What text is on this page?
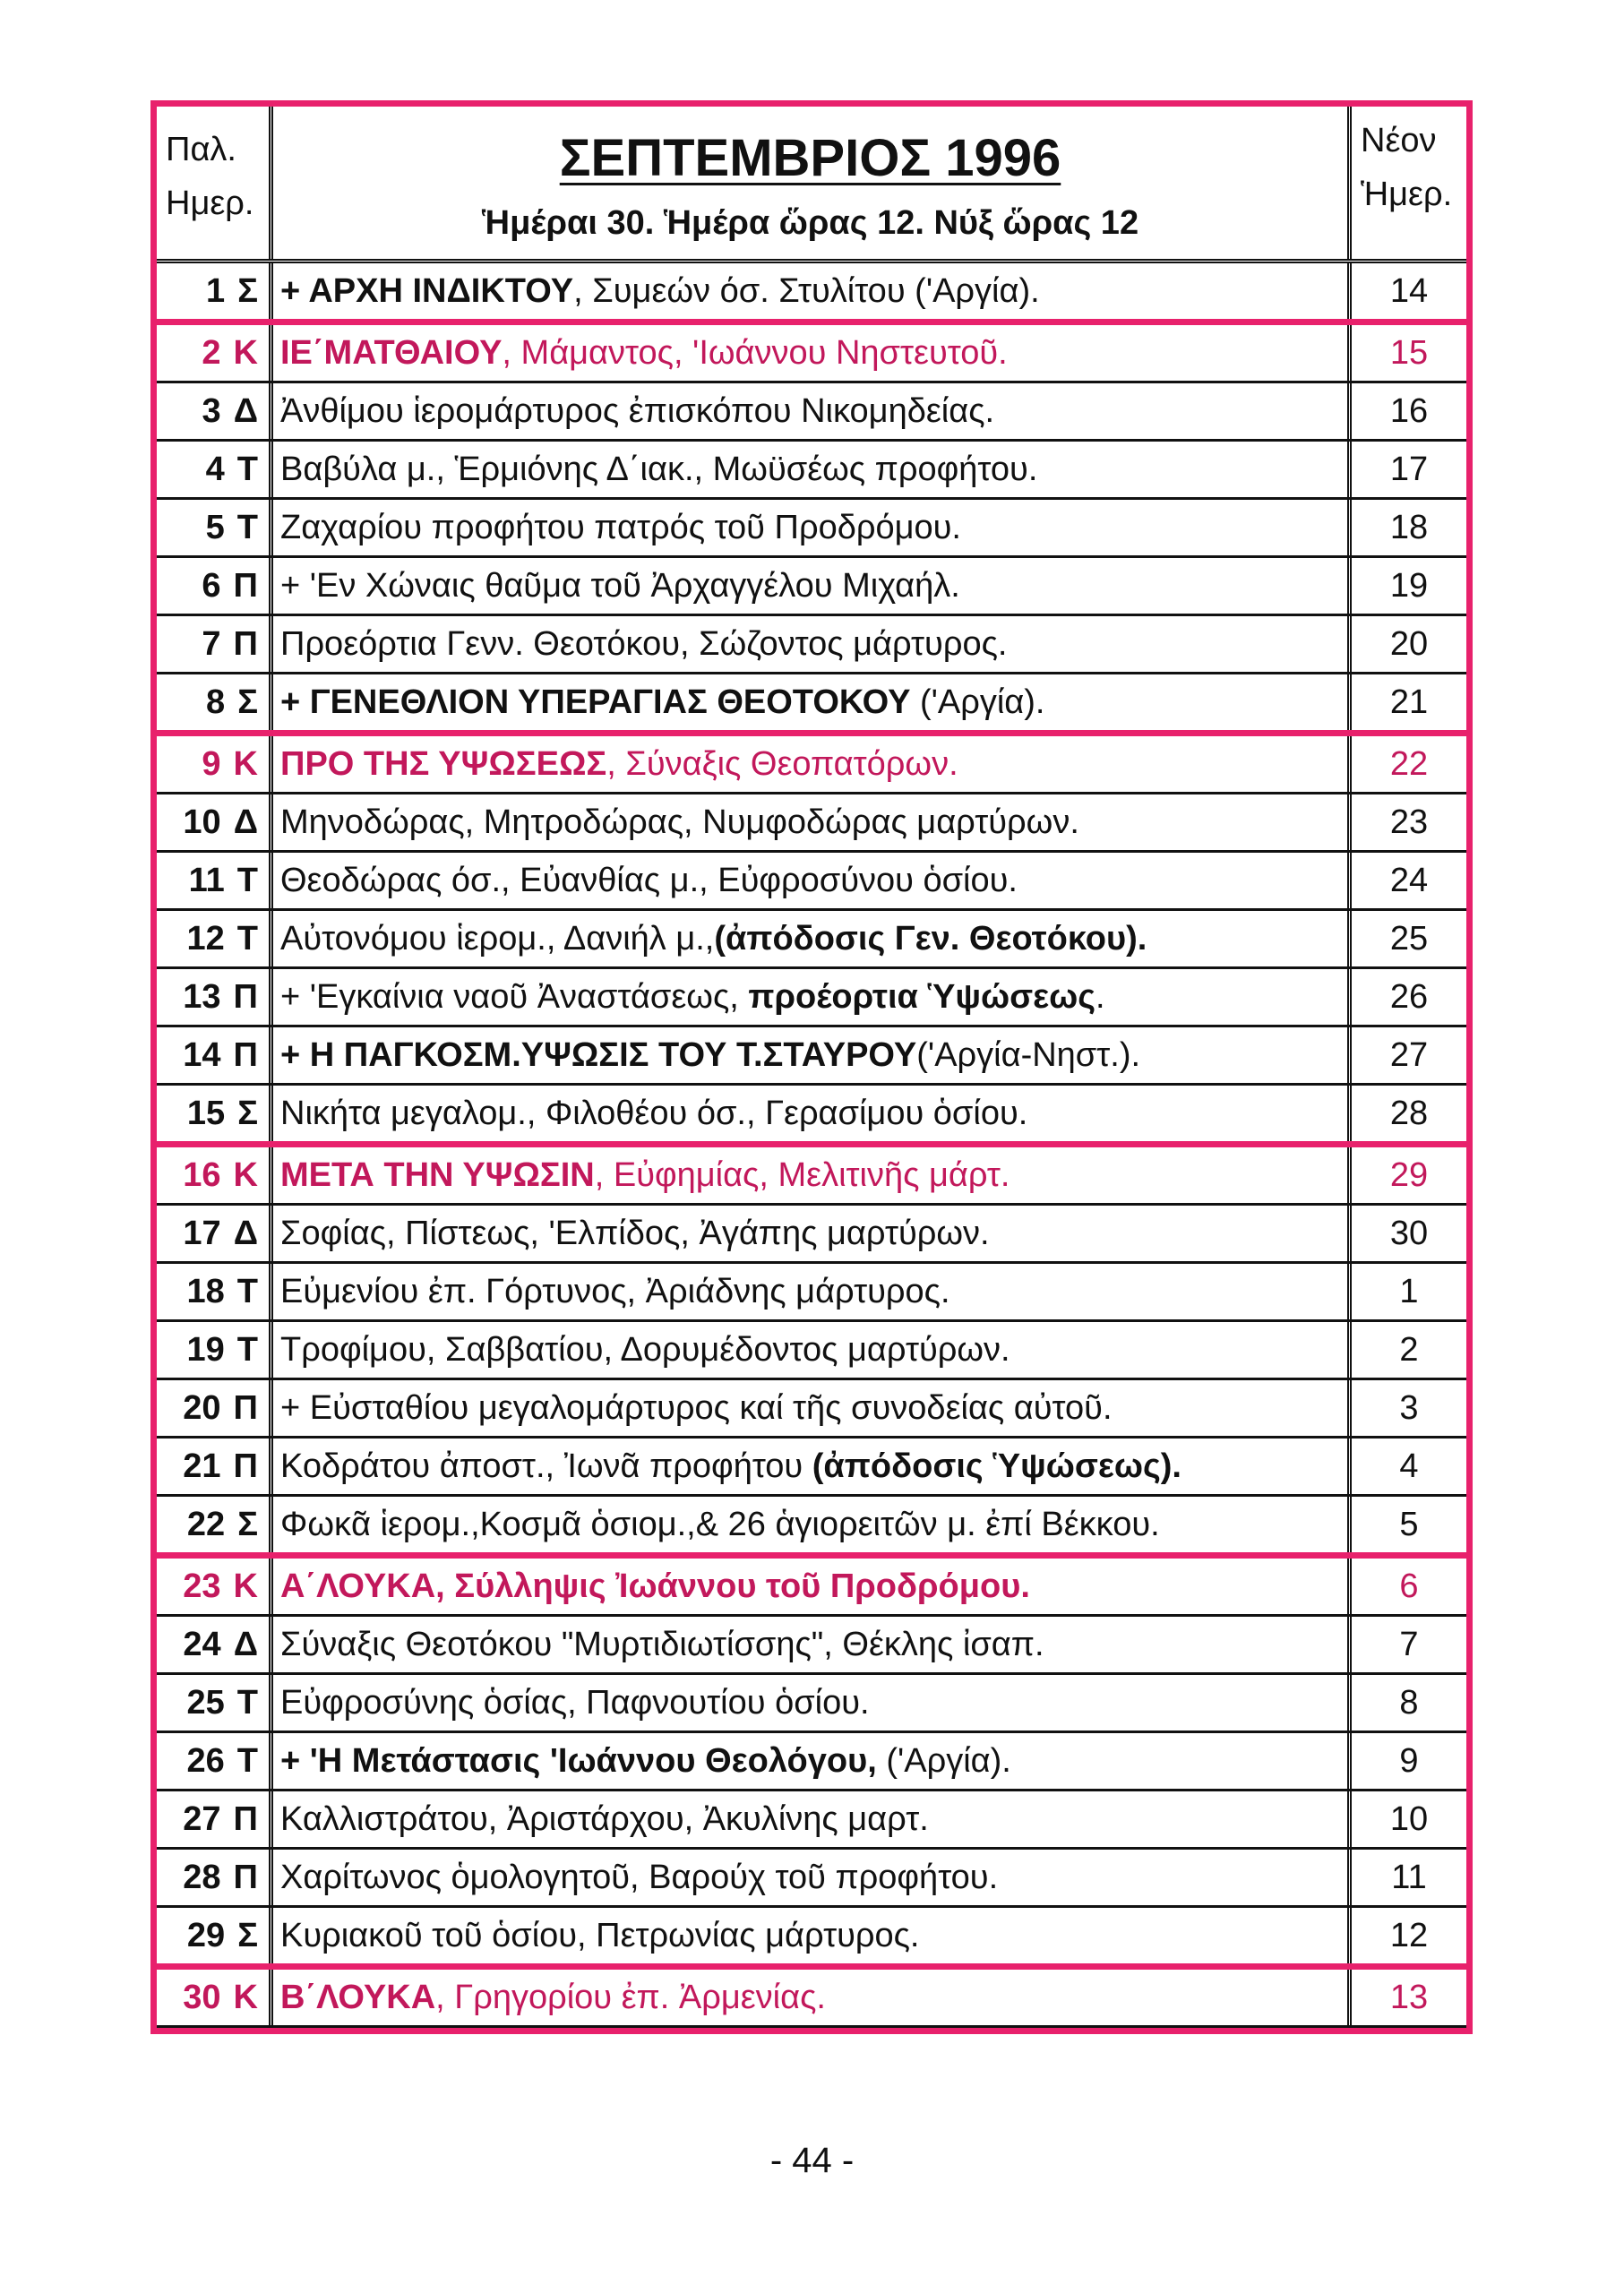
Παλ.
Ημερ.
ΣΕΠΤΕΜΒΡΙΟΣ 1996
Ἡμέραι 30. Ἡμέρα ὥρας 12. Νύξ ὥρας 12
Νέον
Ἡμερ.
1 Σ + ΑΡΧΗ ΙΝΔΙΚΤΟΥ, Συμεών όσ. Στυλίτου ('Αργία).	14
2 Κ ΙΕ΄ΜΑΤΘΑΙΟΥ, Μάμαντος, 'Ιωάννου Νηστευτοῦ.	15
3 Δ Ἀνθίμου ἱερομάρτυρος ἐπισκόπου Νικομηδείας.	16
4 Τ Βαβύλα μ., Ἑρμιόνης Δ΄ιακ., Μωϋσέως προφήτου.	17
5 Τ Ζαχαρίου προφήτου πατρός τοῦ Προδρόμου.	18
6 Π + 'Εν Χώναις θαῦμα τοῦ Ἀρχαγγέλου Μιχαήλ.	19
7 Π Προεόρτια Γενν. Θεοτόκου, Σώζοντος μάρτυρος.	20
8 Σ + ΓΕΝΕΘΛΙΟΝ ΥΠΕΡΑΓΙΑΣ ΘΕΟΤΟΚΟΥ ('Αργία).	21
9 Κ ΠΡΟ ΤΗΣ ΥΨΩΣΕΩΣ, Σύναξις Θεοπατόρων.	22
10 Δ Μηνοδώρας, Μητροδώρας, Νυμφοδώρας μαρτύρων.	23
11 Τ Θεοδώρας όσ., Εὐανθίας μ., Εὐφροσύνου ὁσίου.	24
12 Τ Αὐτονόμου ἱερομ., Δανιήλ μ.,(ἀπόδοσις Γεν. Θεοτόκου).	25
13 Π + 'Εγκαίνια ναοῦ Ἀναστάσεως, προέορτια Ὑψώσεως.	26
14 Π + Η ΠΑΓΚΟΣΜ.ΥΨΩΣΙΣ ΤΟΥ Τ.ΣΤΑΥΡΟΥ('Αργία-Νηστ.).	27
15 Σ Νικήτα μεγαλομ., Φιλοθέου όσ., Γερασίμου ὁσίου.	28
16 Κ ΜΕΤΑ ΤΗΝ ΥΨΩΣΙΝ, Εὐφημίας, Μελιτινῆς μάρτ.	29
17 Δ Σοφίας, Πίστεως, 'Ελπίδος, Ἀγάπης μαρτύρων.	30
18 Τ Εὐμενίου ἐπ. Γόρτυνος, Ἀριάδνης μάρτυρος.	1
19 Τ Τροφίμου, Σαββατίου, Δορυμέδοντος μαρτύρων.	2
20 Π + Εὐσταθίου μεγαλομάρτυρος καί τῆς συνοδείας αὐτοῦ.	3
21 Π Κοδράτου ἀποστ., Ἰωνᾶ προφήτου (ἀπόδοσις Ὑψώσεως).	4
22 Σ Φωκᾶ ἱερομ.,Κοσμᾶ ὁσιομ.,& 26 ἁγιορειτῶν μ. ἐπί Βέκκου.	5
23 Κ Α΄ΛΟΥΚΑ, Σύλληψις Ἰωάννου τοῦ Προδρόμου.	6
24 Δ Σύναξις Θεοτόκου "Μυρτιδιωτίσσης", Θέκλης ἰσαπ.	7
25 Τ Εὐφροσύνης ὁσίας, Παφνουτίου ὁσίου.	8
26 Τ + 'Η Μετάστασις 'Ιωάννου Θεολόγου, ('Αργία).	9
27 Π Καλλιστράτου, Ἀριστάρχου, Ἀκυλίνης μαρτ.	10
28 Π Χαρίτωνος ὁμολογητοῦ, Βαρούχ τοῦ προφήτου.	11
29 Σ Κυριακοῦ τοῦ ὁσίου, Πετρωνίας μάρτυρος.	12
30 Κ Β΄ΛΟΥΚΑ, Γρηγορίου ἐπ. Ἀρμενίας.	13
- 44 -
